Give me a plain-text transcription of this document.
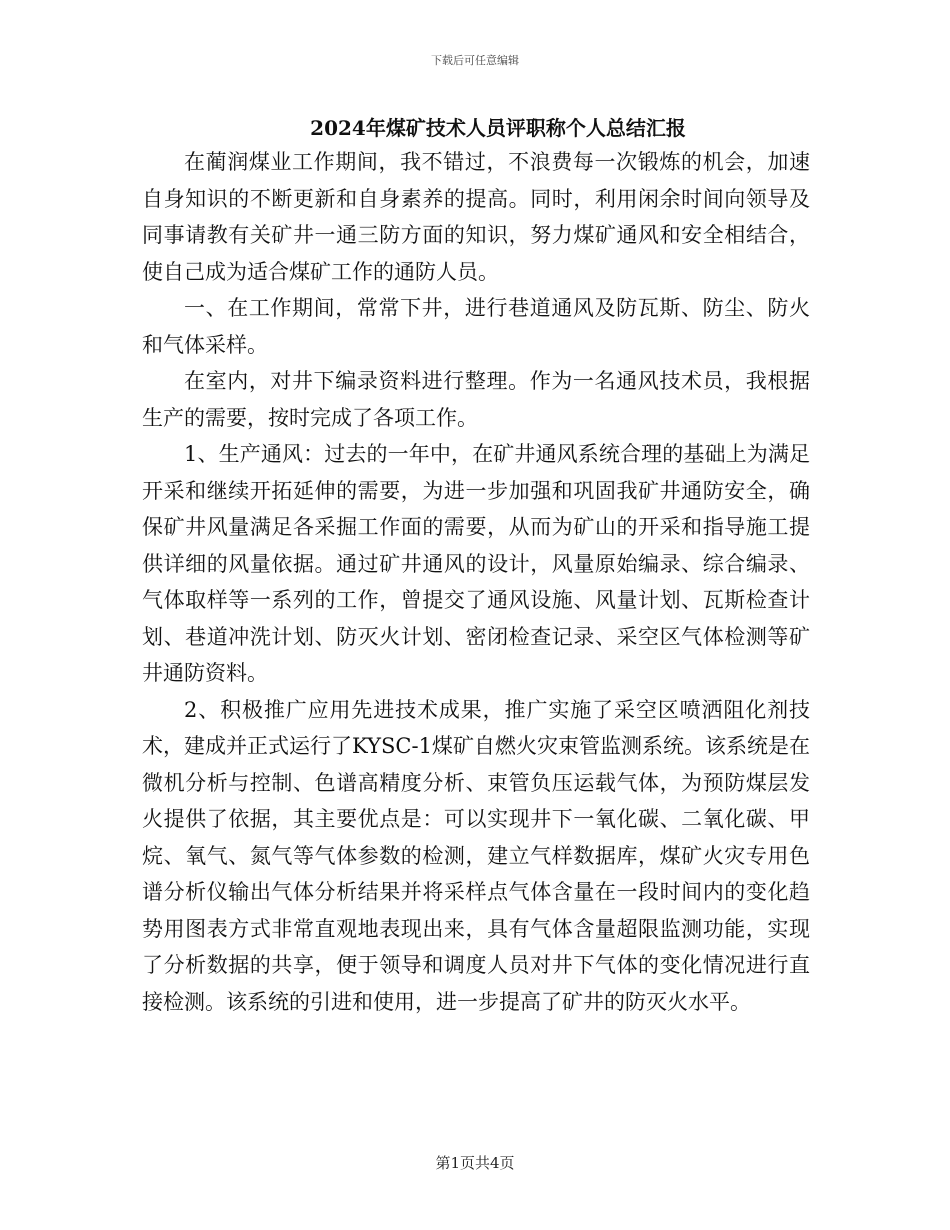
下载后可任意编辑
2024年煤矿技术人员评职称个人总结汇报

在蔺润煤业工作期间，我不错过，不浪费每一次锻炼的机会，加速自身知识的不断更新和自身素养的提高。同时，利用闲余时间向领导及同事请教有关矿井一通三防方面的知识，努力煤矿通风和安全相结合，使自己成为适合煤矿工作的通防人员。

一、在工作期间，常常下井，进行巷道通风及防瓦斯、防尘、防火和气体采样。

在室内，对井下编录资料进行整理。作为一名通风技术员，我根据生产的需要，按时完成了各项工作。

1、生产通风：过去的一年中，在矿井通风系统合理的基础上为满足开采和继续开拓延伸的需要，为进一步加强和巩固我矿井通防安全，确保矿井风量满足各采掘工作面的需要，从而为矿山的开采和指导施工提供详细的风量依据。通过矿井通风的设计，风量原始编录、综合编录、气体取样等一系列的工作，曾提交了通风设施、风量计划、瓦斯检查计划、巷道冲洗计划、防灭火计划、密闭检查记录、采空区气体检测等矿井通防资料。

2、积极推广应用先进技术成果，推广实施了采空区喷洒阻化剂技术，建成并正式运行了KYSC-1煤矿自燃火灾束管监测系统。该系统是在微机分析与控制、色谱高精度分析、束管负压运载气体，为预防煤层发火提供了依据，其主要优点是：可以实现井下一氧化碳、二氧化碳、甲烷、氧气、氮气等气体参数的检测，建立气样数据库，煤矿火灾专用色谱分析仪输出气体分析结果并将采样点气体含量在一段时间内的变化趋势用图表方式非常直观地表现出来，具有气体含量超限监测功能，实现了分析数据的共享，便于领导和调度人员对井下气体的变化情况进行直接检测。该系统的引进和使用，进一步提高了矿井的防灭火水平。

第1页共4页
